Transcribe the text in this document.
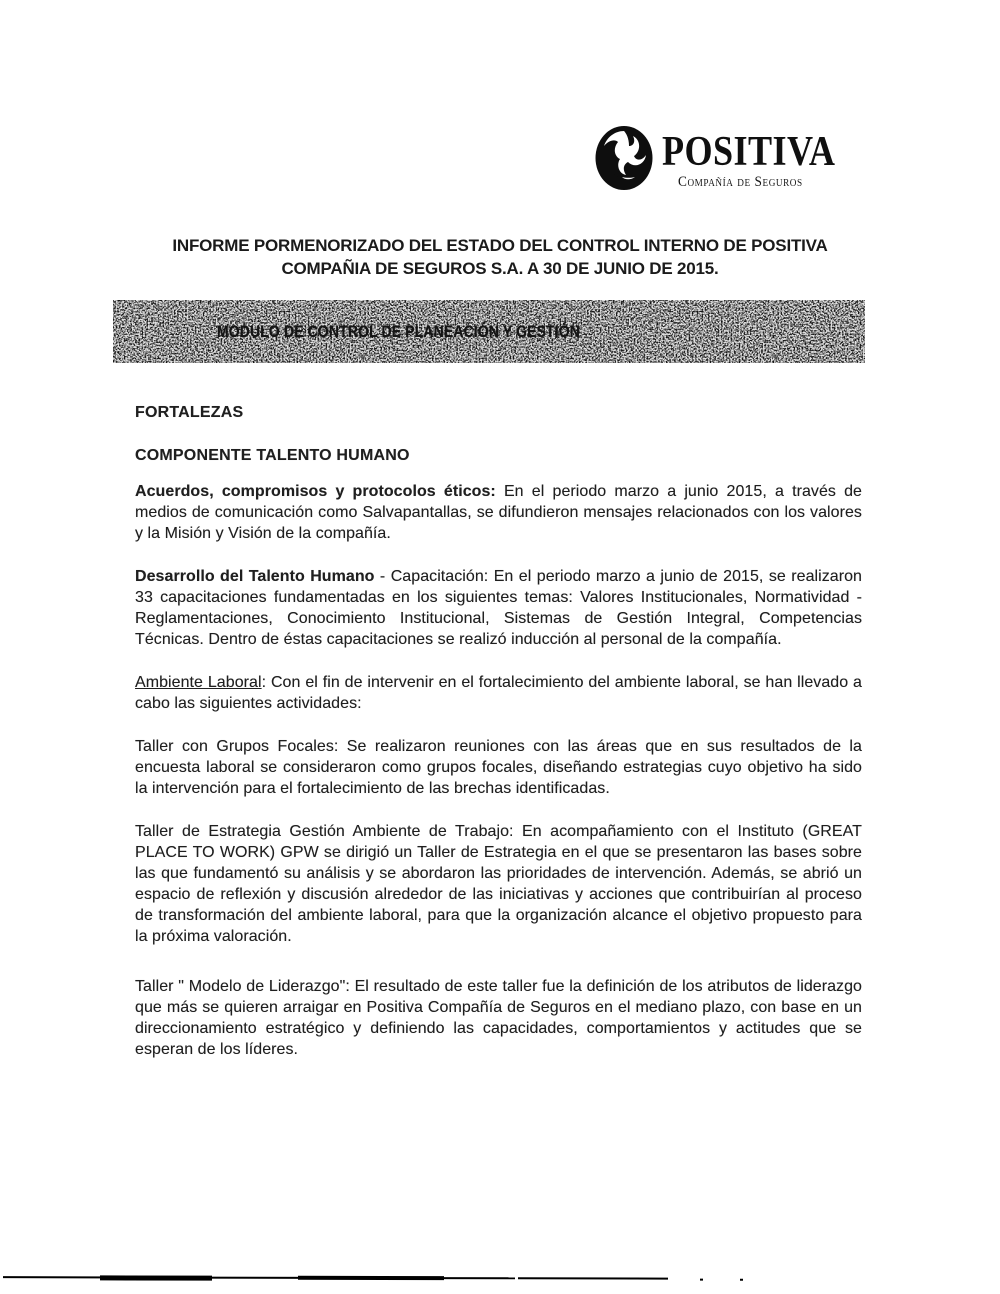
POSITIVA
Compañía de Seguros
INFORME PORMENORIZADO DEL ESTADO DEL CONTROL INTERNO DE POSITIVA
COMPAÑIA DE SEGUROS S.A. A 30 DE JUNIO DE 2015.
MODULO DE CONTROL DE PLANEACIÓN Y GESTIÓN
FORTALEZAS
COMPONENTE TALENTO HUMANO

Acuerdos, compromisos y protocolos éticos: En el periodo marzo a junio 2015, a través de medios de comunicación como Salvapantallas, se difundieron mensajes relacionados con los valores y la Misión y Visión de la compañía.

Desarrollo del Talento Humano - Capacitación: En el periodo marzo a junio de 2015, se realizaron 33 capacitaciones fundamentadas en los siguientes temas: Valores Institucionales, Normatividad - Reglamentaciones, Conocimiento Institucional, Sistemas de Gestión Integral, Competencias Técnicas. Dentro de éstas capacitaciones se realizó inducción al personal de la compañía.

Ambiente Laboral: Con el fin de intervenir en el fortalecimiento del ambiente laboral, se han llevado a cabo las siguientes actividades:

Taller con Grupos Focales: Se realizaron reuniones con las áreas que en sus resultados de la encuesta laboral se consideraron como grupos focales, diseñando estrategias cuyo objetivo ha sido la intervención para el fortalecimiento de las brechas identificadas.

Taller de Estrategia Gestión Ambiente de Trabajo: En acompañamiento con el Instituto (GREAT PLACE TO WORK) GPW se dirigió un Taller de Estrategia en el que se presentaron las bases sobre las que fundamentó su análisis y se abordaron las prioridades de intervención. Además, se abrió un espacio de reflexión y discusión alrededor de las iniciativas y acciones que contribuirían al proceso de transformación del ambiente laboral, para que la organización alcance el objetivo propuesto para la próxima valoración.

Taller " Modelo de Liderazgo": El resultado de este taller fue la definición de los atributos de liderazgo que más se quieren arraigar en Positiva Compañía de Seguros en el mediano plazo, con base en un direccionamiento estratégico y definiendo las capacidades, comportamientos y actitudes que se esperan de los líderes.
